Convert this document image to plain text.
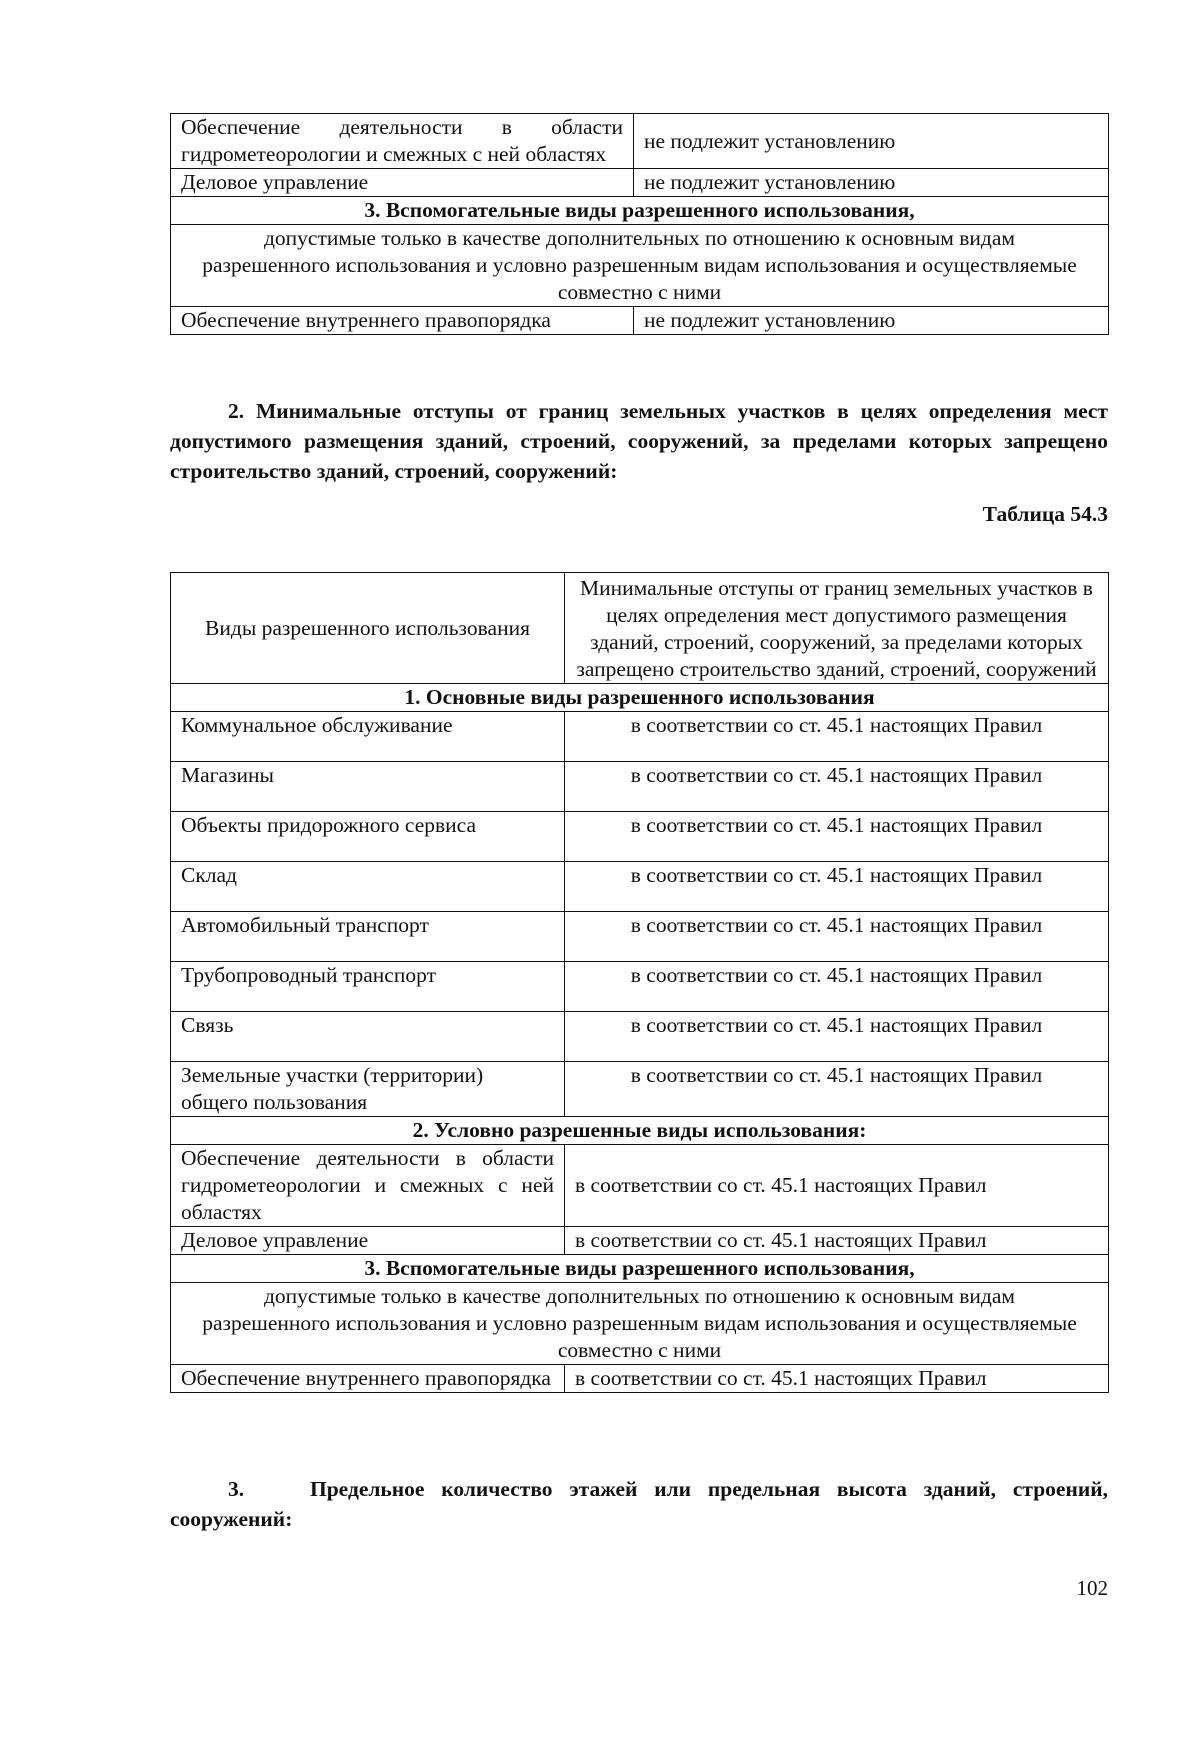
Обеспечение деятельности в области гидрометеорологии и смежных с ней областях	не подлежит установлению
Деловое управление	не подлежит установлению
3. Вспомогательные виды разрешенного использования,	
допустимые только в качестве дополнительных по отношению к основным видам разрешенного использования и условно разрешенным видам использования и осуществляемые совместно с ними	
Обеспечение внутреннего правопорядка	не подлежит установлению
2. Минимальные отступы от границ земельных участков в целях определения мест допустимого размещения зданий, строений, сооружений, за пределами которых запрещено строительство зданий, строений, сооружений:
Таблица 54.3
Виды разрешенного использования	Минимальные отступы от границ земельных участков в целях определения мест допустимого размещения зданий, строений, сооружений, за пределами которых запрещено строительство зданий, строений, сооружений
1. Основные виды разрешенного использования	
Коммунальное обслуживание	в соответствии со ст. 45.1 настоящих Правил
Магазины	в соответствии со ст. 45.1 настоящих Правил
Объекты придорожного сервиса	в соответствии со ст. 45.1 настоящих Правил
Склад	в соответствии со ст. 45.1 настоящих Правил
Автомобильный транспорт	в соответствии со ст. 45.1 настоящих Правил
Трубопроводный транспорт	в соответствии со ст. 45.1 настоящих Правил
Связь	в соответствии со ст. 45.1 настоящих Правил
Земельные участки (территории) общего пользования	в соответствии со ст. 45.1 настоящих Правил
2. Условно разрешенные виды использования:	
Обеспечение деятельности в области гидрометеорологии и смежных с ней областях	в соответствии со ст. 45.1 настоящих Правил
Деловое управление	в соответствии со ст. 45.1 настоящих Правил
3. Вспомогательные виды разрешенного использования,	
допустимые только в качестве дополнительных по отношению к основным видам разрешенного использования и условно разрешенным видам использования и осуществляемые совместно с ними	
Обеспечение внутреннего правопорядка	в соответствии со ст. 45.1 настоящих Правил
3.	Предельное количество этажей или предельная высота зданий, строений, сооружений:
102
